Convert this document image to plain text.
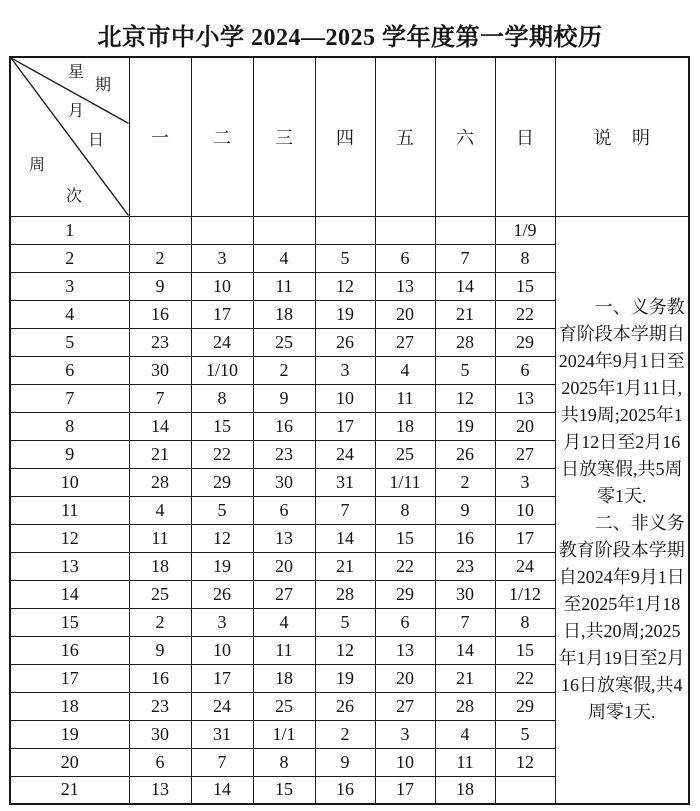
北京市中小学 2024—2025 学年度第一学期校历
星
期
月
日
周
次
	一	二	三	四	五	六	日	说 明
1							1/9	一、义务教育阶段本学期自2024年9月1日至2025年1月11日,共19周;2025年1月12日至2月16日放寒假,共5周零1天.

二、非义务教育阶段本学期自2024年9月1日至2025年1月18日,共20周;2025年1月19日至2月16日放寒假,共4周零1天.

2	2	3	4	5	6	7	8	
3	9	10	11	12	13	14	15	
4	16	17	18	19	20	21	22	
5	23	24	25	26	27	28	29	
6	30	1/10	2	3	4	5	6	
7	7	8	9	10	11	12	13	
8	14	15	16	17	18	19	20	
9	21	22	23	24	25	26	27	
10	28	29	30	31	1/11	2	3	
11	4	5	6	7	8	9	10	
12	11	12	13	14	15	16	17	
13	18	19	20	21	22	23	24	
14	25	26	27	28	29	30	1/12	
15	2	3	4	5	6	7	8	
16	9	10	11	12	13	14	15	
17	16	17	18	19	20	21	22	
18	23	24	25	26	27	28	29	
19	30	31	1/1	2	3	4	5	
20	6	7	8	9	10	11	12	
21	13	14	15	16	17	18		
